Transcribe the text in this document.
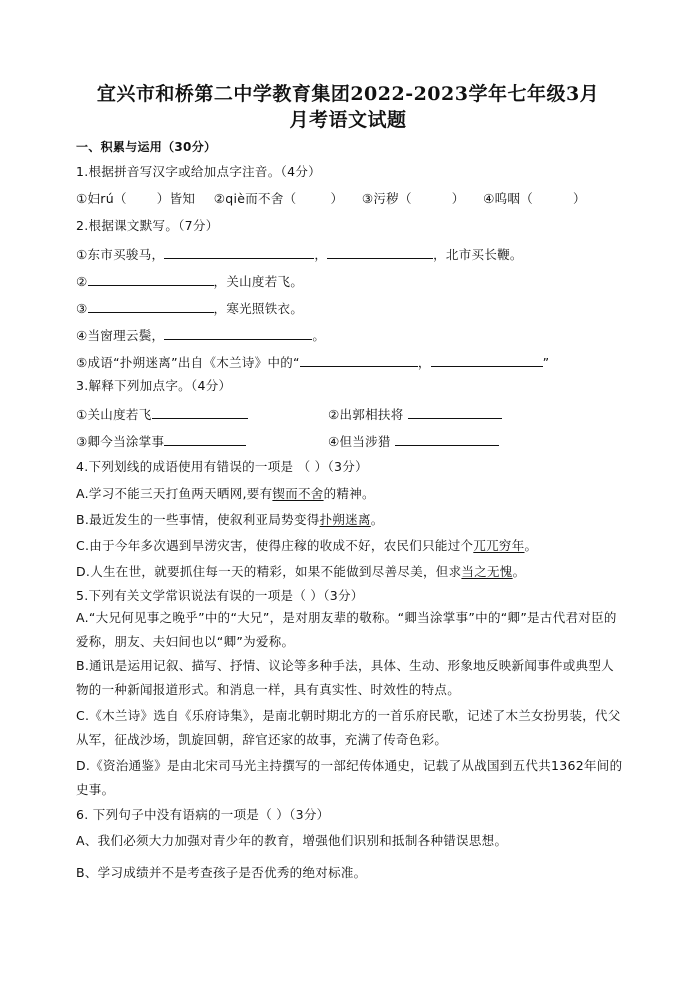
宜兴市和桥第二中学教育集团2022-2023学年七年级3月
月考语文试题
一、积累与运用（30分）
1.根据拼音写汉字或给加点字注音。（4分）
①妇rú（ ）皆知 ②qiè而不舍（	） ③污秽（	） ④呜咽（	）
2.根据课文默写。（7分）
①东市买骏马，	，	，北市买长鞭。
②	，关山度若飞。
③	，寒光照铁衣。
④当窗理云鬓，	。
⑤成语“扑朔迷离”出自《木兰诗》中的“	，	”
3.解释下列加点字。（4分）
①关山度若飞	②出郭相扶将
③卿今当涂掌事	④但当涉猎
4.下列划线的成语使用有错误的一项是 （ ）（3分）
A.学习不能三天打鱼两天晒网,要有锲而不舍的精神。
B.最近发生的一些事情，使叙利亚局势变得扑朔迷离。
C.由于今年多次遇到旱涝灾害，使得庄稼的收成不好，农民们只能过个兀兀穷年。
D.人生在世，就要抓住每一天的精彩，如果不能做到尽善尽美，但求当之无愧。
5.下列有关文学常识说法有误的一项是（ ）（3分）
A.“大兄何见事之晚乎”中的“大兄”，是对朋友辈的敬称。“卿当涂掌事”中的“卿”是古代君对臣的爱称，朋友、夫妇间也以“卿”为爱称。
B.通讯是运用记叙、描写、抒情、议论等多种手法，具体、生动、形象地反映新闻事件或典型人物的一种新闻报道形式。和消息一样，具有真实性、时效性的特点。
C.《木兰诗》选自《乐府诗集》，是南北朝时期北方的一首乐府民歌，记述了木兰女扮男装，代父从军，征战沙场，凯旋回朝，辞官还家的故事，充满了传奇色彩。
D.《资治通鉴》是由北宋司马光主持撰写的一部纪传体通史，记载了从战国到五代共1362年间的史事。
6. 下列句子中没有语病的一项是（ ）（3分）
A、我们必须大力加强对青少年的教育，增强他们识别和抵制各种错误思想。
B、学习成绩并不是考查孩子是否优秀的绝对标准。
